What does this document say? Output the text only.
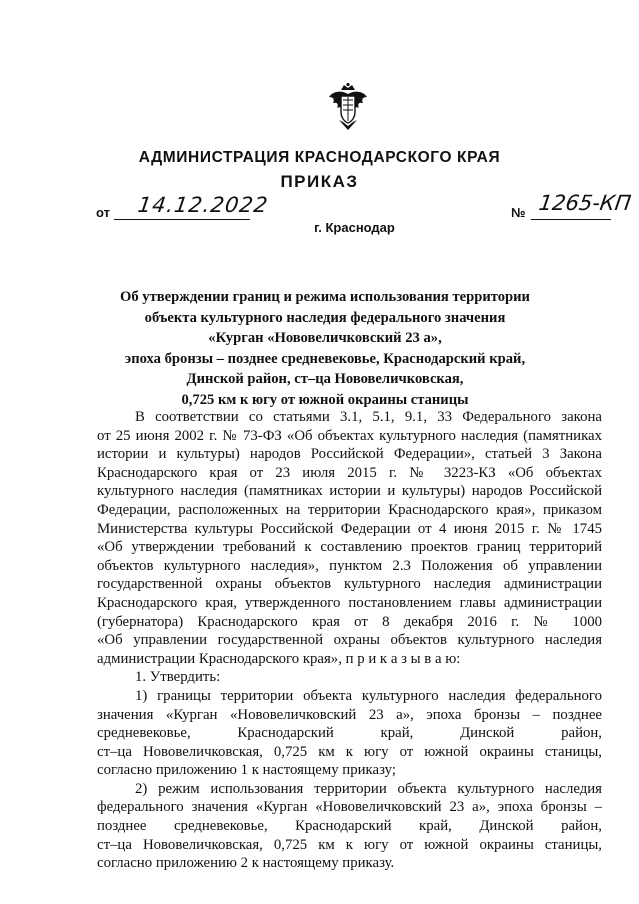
АДМИНИСТРАЦИЯ КРАСНОДАРСКОГО КРАЯ
ПРИКАЗ
от 14.12.2022
г. Краснодар
№ 1265-КП
Об утверждении границ и режима использования территории
объекта культурного наследия федерального значения
«Курган «Нововеличковский 23 а»,
эпоха бронзы – позднее средневековье, Краснодарский край,
Динской район, ст–ца Нововеличковская,
0,725 км к югу от южной окраины станицы
В соответствии со статьями 3.1, 5.1, 9.1, 33 Федерального закона
от 25 июня 2002 г. № 73-ФЗ «Об объектах культурного наследия (памятниках
истории и культуры) народов Российской Федерации», статьей 3 Закона
Краснодарского края от 23 июля 2015 г. № 3223-КЗ «Об объектах
культурного наследия (памятниках истории и культуры) народов Российской
Федерации, расположенных на территории Краснодарского края», приказом
Министерства культуры Российской Федерации от 4 июня 2015 г. № 1745
«Об утверждении требований к составлению проектов границ территорий
объектов культурного наследия», пунктом 2.3 Положения об управлении
государственной охраны объектов культурного наследия администрации
Краснодарского края, утвержденного постановлением главы администрации
(губернатора) Краснодарского края от 8 декабря 2016 г. № 1000
«Об управлении государственной охраны объектов культурного наследия
администрации Краснодарского края», п р и к а з ы в а ю:
1. Утвердить:
1) границы территории объекта культурного наследия федерального
значения «Курган «Нововеличковский 23 а», эпоха бронзы – позднее
средневековье, Краснодарский край, Динской район,
ст–ца Нововеличковская, 0,725 км к югу от южной окраины станицы,
согласно приложению 1 к настоящему приказу;
2) режим использования территории объекта культурного наследия
федерального значения «Курган «Нововеличковский 23 а», эпоха бронзы –
позднее средневековье, Краснодарский край, Динской район,
ст–ца Нововеличковская, 0,725 км к югу от южной окраины станицы,
согласно приложению 2 к настоящему приказу.
